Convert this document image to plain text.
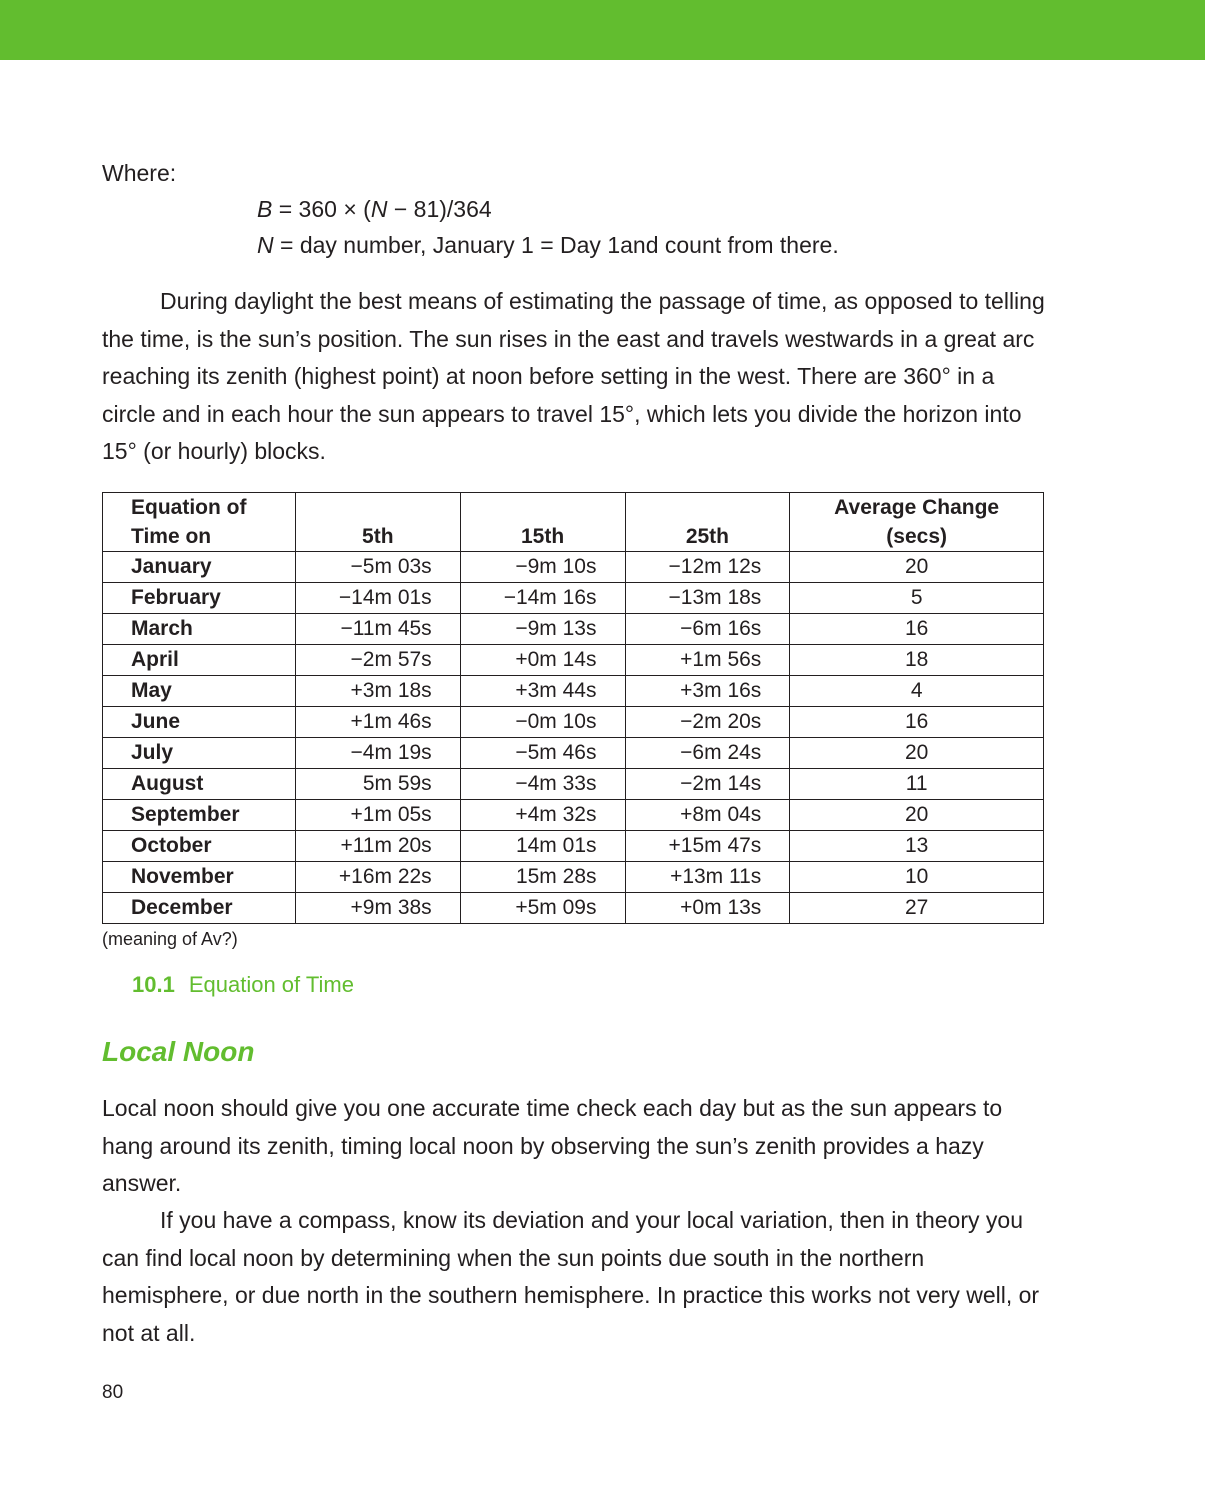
Where:
B = 360 × (N − 81)/364
N = day number, January 1 = Day 1and count from there.
During daylight the best means of estimating the passage of time, as opposed to telling the time, is the sun’s position. The sun rises in the east and travels westwards in a great arc reaching its zenith (highest point) at noon before setting in the west. There are 360° in a circle and in each hour the sun appears to travel 15°, which lets you divide the horizon into 15° (or hourly) blocks.
Equation of
Time on	5th	15th	25th	Average Change
(secs)
January	−5m 03s	−9m 10s	−12m 12s	20
February	−14m 01s	−14m 16s	−13m 18s	5
March	−11m 45s	−9m 13s	−6m 16s	16
April	−2m 57s	+0m 14s	+1m 56s	18
May	+3m 18s	+3m 44s	+3m 16s	4
June	+1m 46s	−0m 10s	−2m 20s	16
July	−4m 19s	−5m 46s	−6m 24s	20
August	5m 59s	−4m 33s	−2m 14s	11
September	+1m 05s	+4m 32s	+8m 04s	20
October	+11m 20s	14m 01s	+15m 47s	13
November	+16m 22s	15m 28s	+13m 11s	10
December	+9m 38s	+5m 09s	+0m 13s	27
(meaning of Av?)
10.1 Equation of Time
Local Noon
Local noon should give you one accurate time check each day but as the sun appears to hang around its zenith, timing local noon by observing the sun’s zenith provides a hazy answer.
If you have a compass, know its deviation and your local variation, then in theory you can find local noon by determining when the sun points due south in the northern hemisphere, or due north in the southern hemisphere. In practice this works not very well, or not at all.
80
